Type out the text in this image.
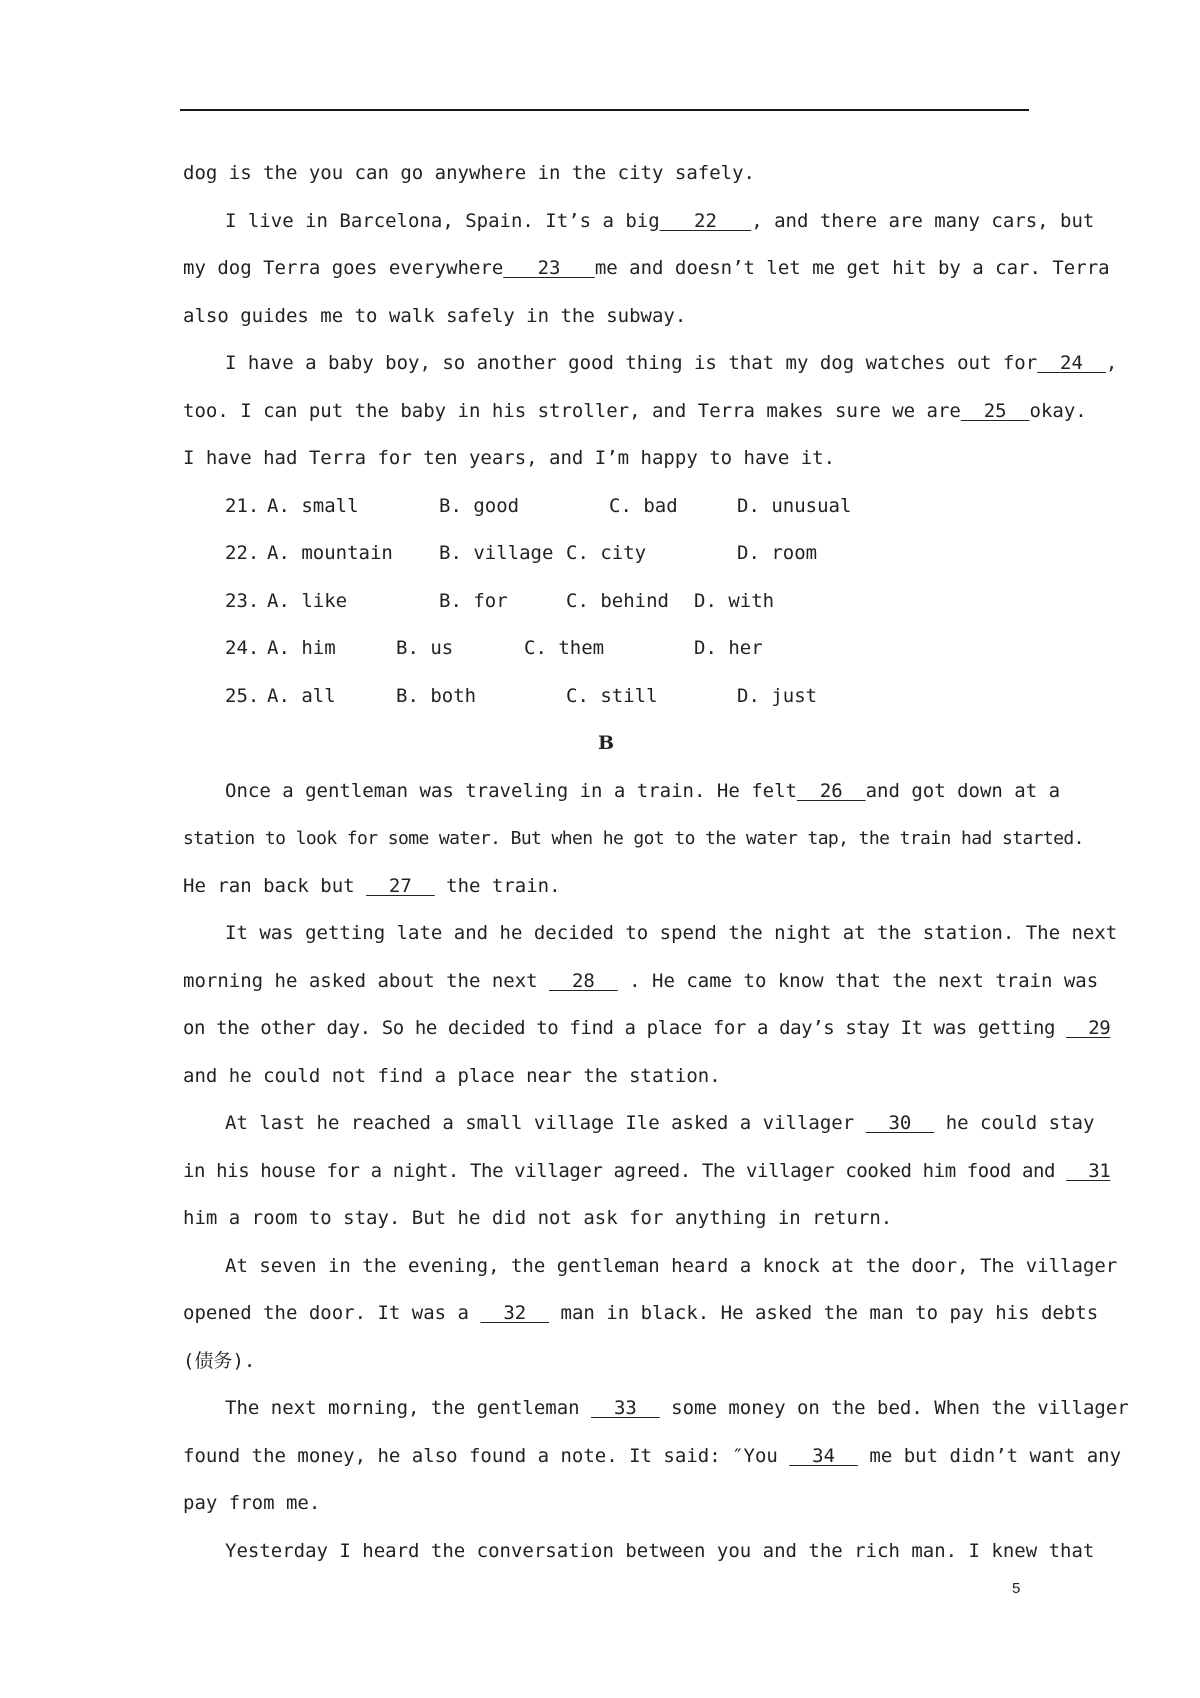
dog is the you can go anywhere in the city safely.
I live in Barcelona, Spain. It’s a big   22   , and there are many cars, but
my dog Terra goes everywhere   23   me and doesn’t let me get hit by a car. Terra
also guides me to walk safely in the subway.
I have a baby boy, so another good thing is that my dog watches out for  24  ,
too. I can put the baby in his stroller, and Terra makes sure we are  25  okay.
I have had Terra for ten years, and I’m happy to have it.
21. A. small	B. good	C. bad	D. unusual
22. A. mountain B. village C. city	D. room
23. A. like	B. for	C. behind D. with
24. A. him	B. us	C. them	D. her
25. A. all	B. both	C. still	D. just
B
Once a gentleman was traveling in a train. He felt  26  and got down at a
station to look for some water. But when he got to the water tap, the train had started.
He ran back but   27   the train.
It was getting late and he decided to spend the night at the station. The next
morning he asked about the next   28   . He came to know that the next train was
on the other day. So he decided to find a place for a day’s stay It was getting   29
and he could not find a place near the station.
At last he reached a small village Ile asked a villager   30   he could stay
in his house for a night. The villager agreed. The villager cooked him food and   31
him a room to stay. But he did not ask for anything in return.
At seven in the evening, the gentleman heard a knock at the door, The villager
opened the door. It was a   32   man in black. He asked the man to pay his debts
(债务).
The next morning, the gentleman   33   some money on the bed. When the villager
found the money, he also found a note. It said: ″You   34   me but didn’t want any
pay from me.
Yesterday I heard the conversation between you and the rich man. I knew that
5
